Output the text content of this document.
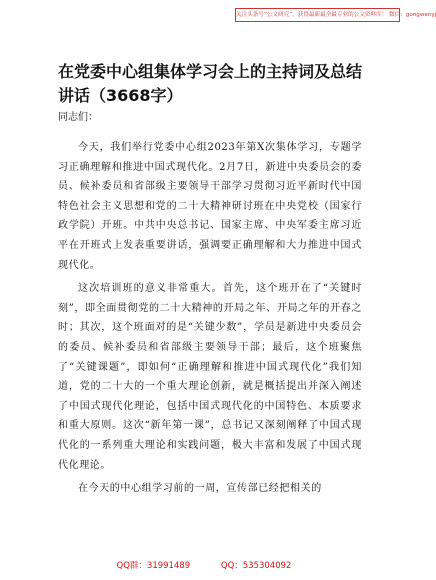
关注头条号“公文研究”，获得最新最全最专业的公文资料库！ 微信：gongwenyj
在党委中心组集体学习会上的主持词及总结讲话（3668字）

同志们：

今天，我们举行党委中心组2023年第X次集体学习，专题学习正确理解和推进中国式现代化。2月7日，新进中央委员会的委员、候补委员和省部级主要领导干部学习贯彻习近平新时代中国特色社会主义思想和党的二十大精神研讨班在中央党校（国家行政学院）开班。中共中央总书记、国家主席、中央军委主席习近平在开班式上发表重要讲话，强调要正确理解和大力推进中国式现代化。

这次培训班的意义非常重大。首先，这个班开在了“关键时刻”，即全面贯彻党的二十大精神的开局之年、开局之年的开春之时；其次，这个班面对的是“关键少数”，学员是新进中央委员会的委员、候补委员和省部级主要领导干部；最后，这个班聚焦了“关键课题”，即如何“正确理解和推进中国式现代化”我们知道，党的二十大的一个重大理论创新，就是概括提出并深入阐述了中国式现代化理论，包括中国式现代化的中国特色、本质要求和重大原则。这次“新年第一课”，总书记又深刻阐释了中国式现代化的一系列重大理论和实践问题，极大丰富和发展了中国式现代化理论。

在今天的中心组学习前的一周，宣传部已经把相关的

QQ群：31991489	QQ：535304092
